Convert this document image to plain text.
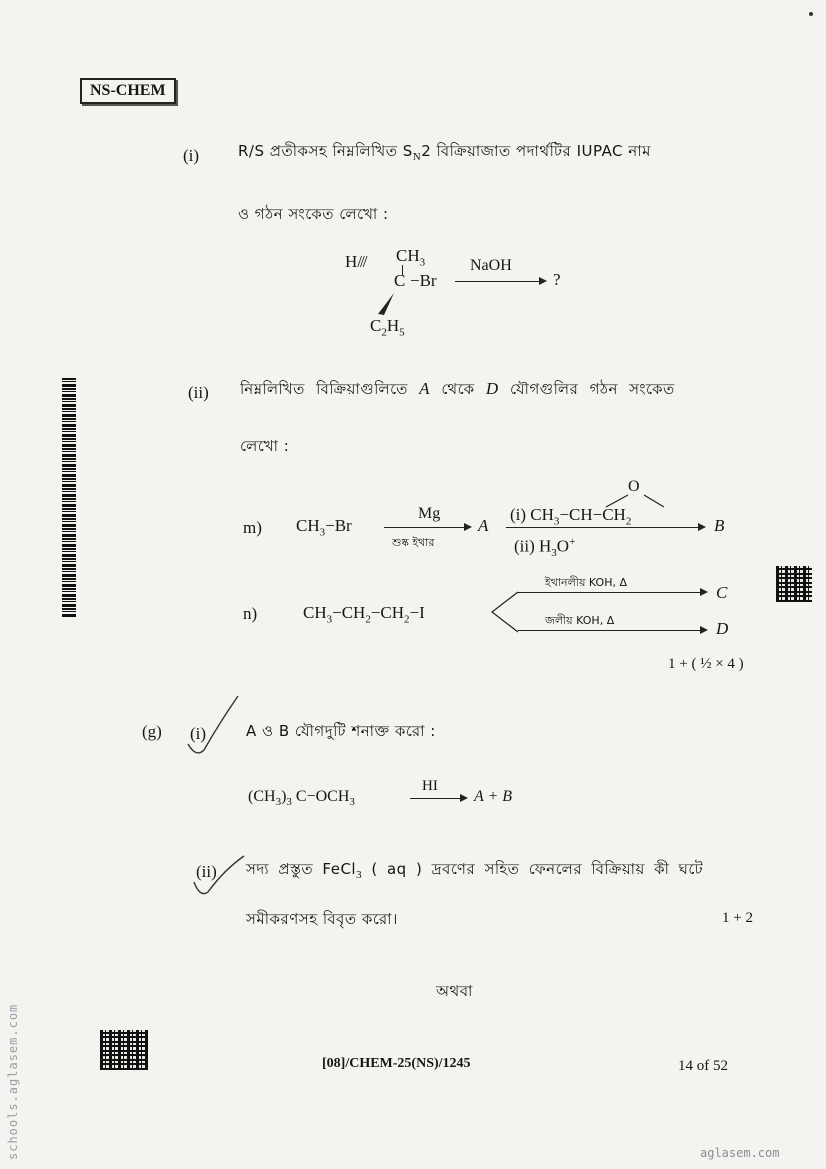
NS-CHEM
(i)	R/S প্রতীকসহ নিম্নলিখিত $S_N2$ বিক্রিয়াজাত পদার্থটির IUPAC নাম
ও গঠন সংকেত লেখো :
H/// $CH_3$
C −Br
NaOH
?
$C_2H_5$
(ii) নিম্নলিখিত বিক্রিয়াগুলিতে A থেকে D যৌগগুলির গঠন সংকেত
লেখো :
m) $CH_3-Br$
Mg
শুষ্ক ইথার
A
O
(i) $CH_3-CH-CH_2$
(ii) $H_3O^+$
B
n)	$CH_3-CH_2-CH_2-I$
ইথানলীয় KOH, Δ
জলীয় KOH, Δ
C
D
1 + ( ½ × 4 )
(g) (i)	A ও B যৌগদুটি শনাক্ত করো :
$(CH_3)_3$ $C-OCH_3$
HI
A + B
(ii) সদ্য প্রস্তুত FeCl$_3$ ( aq ) দ্রবণের সহিত ফেনলের বিক্রিয়ায় কী ঘটে
সমীকরণসহ বিবৃত করো।	1 + 2
অথবা
[08]/CHEM-25(NS)/1245	14 of 52
schools.aglasem.com	aglasem.com
